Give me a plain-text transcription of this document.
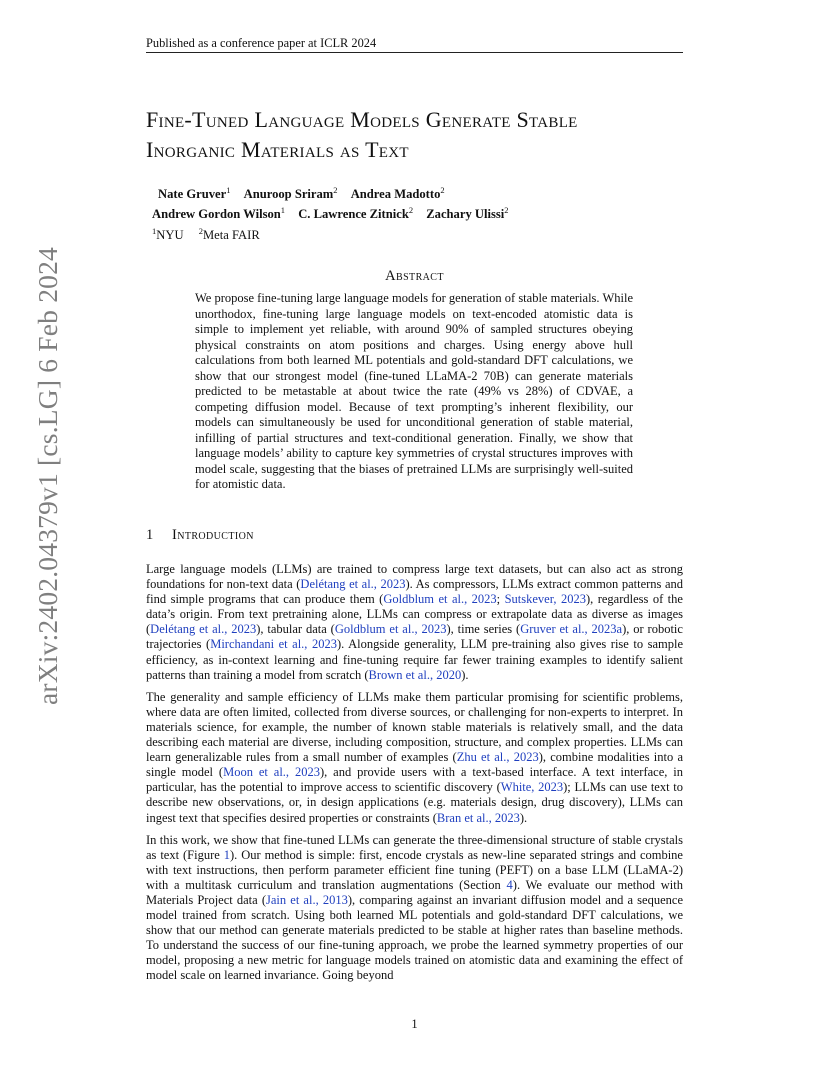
Published as a conference paper at ICLR 2024
arXiv:2402.04379v1 [cs.LG] 6 Feb 2024
Fine-Tuned Language Models Generate Stable
Inorganic Materials as Text
Nate Gruver$^1$ Anuroop Sriram$^2$ Andrea Madotto$^2$
Andrew Gordon Wilson$^1$ C. Lawrence Zitnick$^2$ Zachary Ulissi$^2$
$^1$NYU $^2$Meta FAIR
Abstract
We propose fine-tuning large language models for generation of stable materials. While unorthodox, fine-tuning large language models on text-encoded atomistic data is simple to implement yet reliable, with around 90% of sampled structures obeying physical constraints on atom positions and charges. Using energy above hull calculations from both learned ML potentials and gold-standard DFT calculations, we show that our strongest model (fine-tuned LLaMA-2 70B) can generate materials predicted to be metastable at about twice the rate (49% vs 28%) of CDVAE, a competing diffusion model. Because of text prompting’s inherent flexibility, our models can simultaneously be used for unconditional generation of stable material, infilling of partial structures and text-conditional generation. Finally, we show that language models’ ability to capture key symmetries of crystal structures improves with model scale, suggesting that the biases of pretrained LLMs are surprisingly well-suited for atomistic data.
1 Introduction

Large language models (LLMs) are trained to compress large text datasets, but can also act as strong foundations for non-text data (Delétang et al., 2023). As compressors, LLMs extract common patterns and find simple programs that can produce them (Goldblum et al., 2023; Sutskever, 2023), regardless of the data’s origin. From text pretraining alone, LLMs can compress or extrapolate data as diverse as images (Delétang et al., 2023), tabular data (Goldblum et al., 2023), time series (Gruver et al., 2023a), or robotic trajectories (Mirchandani et al., 2023). Alongside generality, LLM pre-training also gives rise to sample efficiency, as in-context learning and fine-tuning require far fewer training examples to identify salient patterns than training a model from scratch (Brown et al., 2020).

The generality and sample efficiency of LLMs make them particular promising for scientific problems, where data are often limited, collected from diverse sources, or challenging for non-experts to interpret. In materials science, for example, the number of known stable materials is relatively small, and the data describing each material are diverse, including composition, structure, and complex properties. LLMs can learn generalizable rules from a small number of examples (Zhu et al., 2023), combine modalities into a single model (Moon et al., 2023), and provide users with a text-based interface. A text interface, in particular, has the potential to improve access to scientific discovery (White, 2023); LLMs can use text to describe new observations, or, in design applications (e.g. materials design, drug discovery), LLMs can ingest text that specifies desired properties or constraints (Bran et al., 2023).

In this work, we show that fine-tuned LLMs can generate the three-dimensional structure of stable crystals as text (Figure 1). Our method is simple: first, encode crystals as new-line separated strings and combine with text instructions, then perform parameter efficient fine tuning (PEFT) on a base LLM (LLaMA-2) with a multitask curriculum and translation augmentations (Section 4). We evaluate our method with Materials Project data (Jain et al., 2013), comparing against an invariant diffusion model and a sequence model trained from scratch. Using both learned ML potentials and gold-standard DFT calculations, we show that our method can generate materials predicted to be stable at higher rates than baseline methods. To understand the success of our fine-tuning approach, we probe the learned symmetry properties of our model, proposing a new metric for language models trained on atomistic data and examining the effect of model scale on learned invariance. Going beyond

1
